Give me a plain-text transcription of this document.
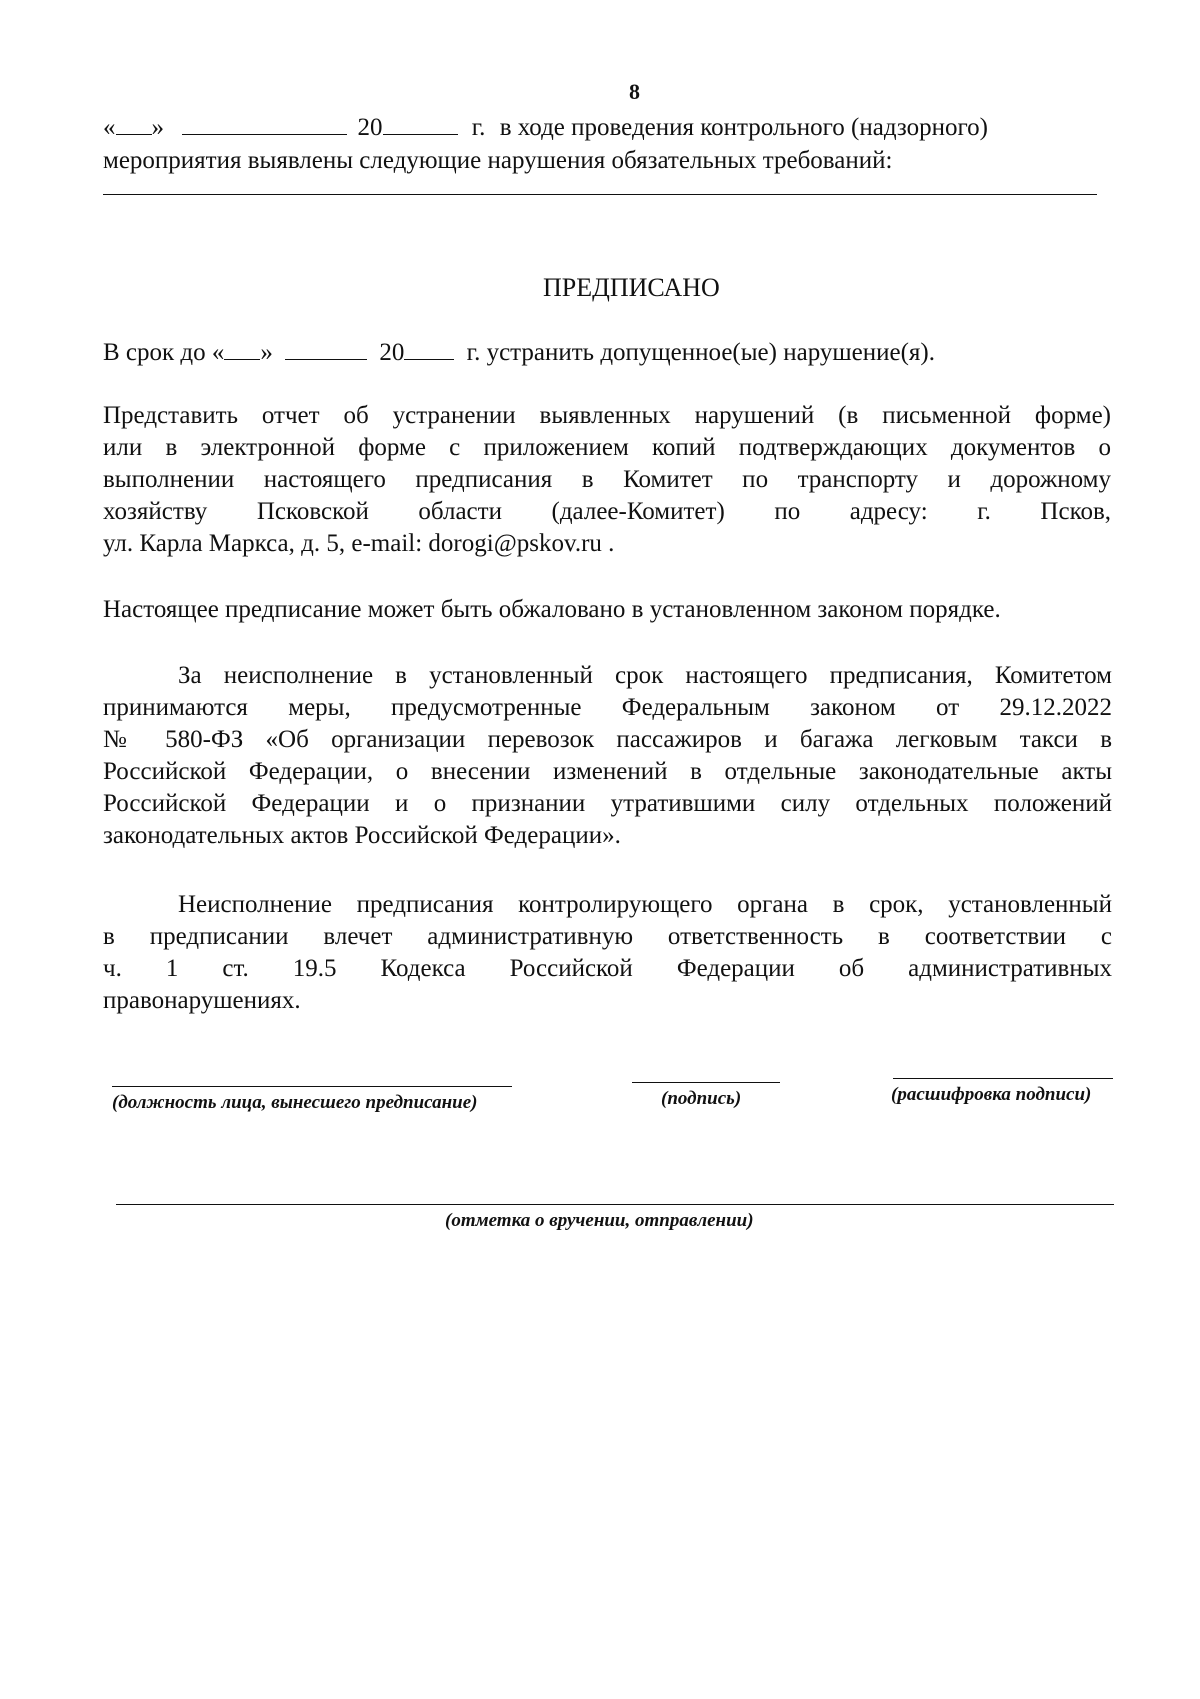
8
« »	20	г. в ходе проведения контрольного (надзорного)
мероприятия выявлены следующие нарушения обязательных требований:
ПРЕДПИСАНО
В срок до « »	20 г. устранить допущенное(ые) нарушение(я).
Представить отчет об устранении выявленных нарушений (в письменной форме)
или в электронной форме с приложением копий подтверждающих документов о
выполнении настоящего предписания в Комитет по транспорту и дорожному
хозяйству Псковской области (далее-Комитет) по адресу: г. Псков,
ул. Карла Маркса, д. 5, e-mail: dorogi@pskov.ru .
Настоящее предписание может быть обжаловано в установленном законом порядке.
За неисполнение в установленный срок настоящего предписания, Комитетом
принимаются меры, предусмотренные Федеральным законом от 29.12.2022
№ 580-ФЗ «Об организации перевозок пассажиров и багажа легковым такси в
Российской Федерации, о внесении изменений в отдельные законодательные акты
Российской Федерации и о признании утратившими силу отдельных положений
законодательных актов Российской Федерации».
Неисполнение предписания контролирующего органа в срок, установленный
в предписании влечет административную ответственность в соответствии с
ч. 1 ст. 19.5 Кодекса Российской Федерации об административных
правонарушениях.
(должность лица, вынесшего предписание)	(подпись)	(расшифровка подписи)
(отметка о вручении, отправлении)
